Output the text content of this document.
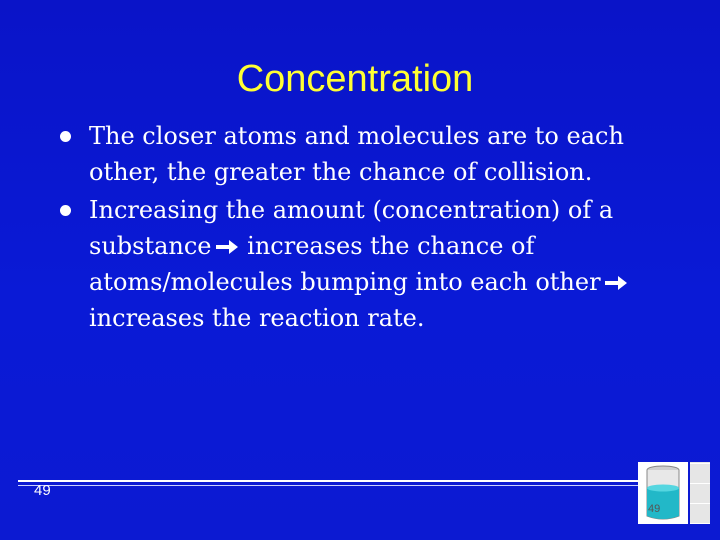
Concentration
The closer atoms and molecules are to each other, the greater the chance of collision.
Increasing the amount (concentration) of a substance increases the chance of atoms/molecules bumping into each other increases the reaction rate.
49
49
